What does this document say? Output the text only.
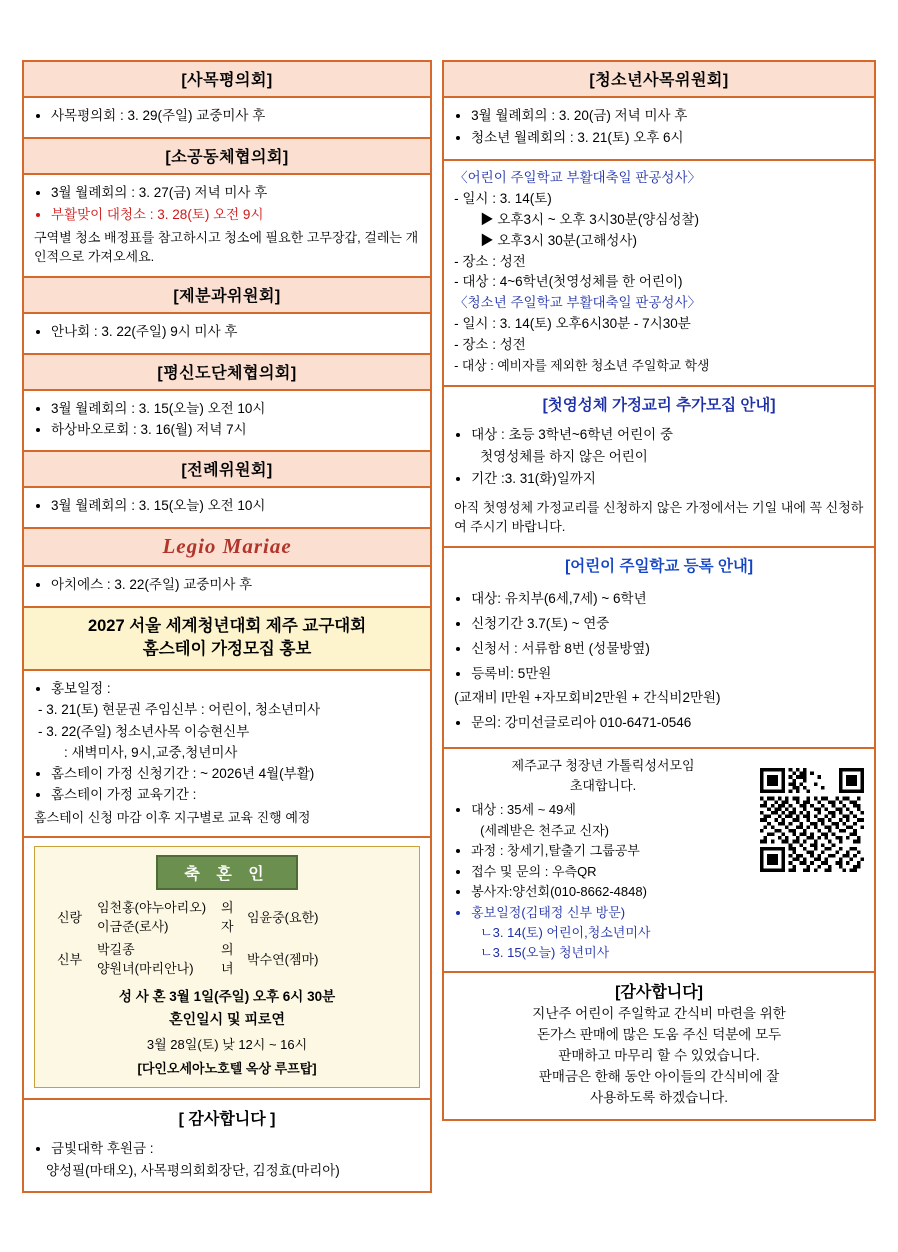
[사목평의회]
• 사목평의회 : 3. 29(주일) 교중미사 후
[소공동체협의회]
• 3월 월례회의 : 3. 27(금) 저녁 미사 후
• 부활맞이 대청소 : 3. 28(토) 오전 9시
구역별 청소 배정표를 참고하시고 청소에 필요한 고무장갑, 걸레는 개인적으로 가져오세요.
[제분과위원회]
• 안나회 : 3. 22(주일) 9시 미사 후
[평신도단체협의회]
• 3월 월례회의 : 3. 15(오늘) 오전 10시
• 하상바오로회 : 3. 16(월) 저녁 7시
[전례위원회]
• 3월 월례회의 : 3. 15(오늘) 오전 10시
Legio Mariae
• 아치에스 : 3. 22(주일) 교중미사 후
2027 서울 세계청년대회 제주 교구대회
홈스테이 가정모집 홍보
• 홍보일정 :
- 3. 21(토) 현문권 주임신부 : 어린이, 청소년미사
- 3. 22(주일) 청소년사목 이승현신부
: 새벽미사, 9시,교중,청년미사
• 홈스테이 가정 신청기간 : ~ 2026년 4월(부활)
• 홈스테이 가정 교육기간 :
홈스테이 신청 마감 이후 지구별로 교육 진행 예정
축 혼 인
신랑
임천홍(야누아리오) 의
임윤중(요한)
이금준(로사)	자
신부
박길종	의
박수연(젬마)
양원녀(마리안나) 녀
성 사 혼 3월 1일(주일) 오후 6시 30분
혼인일시 및 피로연
3월 28일(토) 낮 12시 ~ 16시
[다인오세아노호텔 옥상 루프탑]
[ 감사합니다 ]
• 금빛대학 후원금 :
양성필(마태오), 사목평의회회장단, 김정효(마리아)
[청소년사목위원회]
• 3월 월례회의 : 3. 20(금) 저녁 미사 후
• 청소년 월례회의 : 3. 21(토) 오후 6시
〈어린이 주일학교 부활대축일 판공성사〉
- 일시 : 3. 14(토)
▶ 오후3시 ~ 오후 3시30분(양심성찰)
▶ 오후3시 30분(고해성사)
- 장소 : 성전
- 대상 : 4~6학년(첫영성체를 한 어린이)
〈청소년 주일학교 부활대축일 판공성사〉
- 일시 : 3. 14(토) 오후6시30분 - 7시30분
- 장소 : 성전
- 대상 : 예비자를 제외한 청소년 주일학교 학생
[첫영성체 가정교리 추가모집 안내]
• 대상 : 초등 3학년~6학년 어린이 중
첫영성체를 하지 않은 어린이
• 기간 :3. 31(화)일까지
아직 첫영성체 가정교리를 신청하지 않은 가정에서는 기일 내에 꼭 신청하여 주시기 바랍니다.
[어린이 주일학교 등록 안내]
• 대상: 유치부(6세,7세) ~ 6학년
• 신청기간 3.7(토) ~ 연중
• 신청서 : 서류함 8번 (성물방옆)
• 등록비: 5만원
(교재비 l만원 +자모회비2만원 + 간식비2만원)
• 문의: 강미선글로리아 010-6471-0546
제주교구 청장년 가톨릭성서모임
초대합니다.
• 대상 : 35세 ~ 49세
(세례받은 천주교 신자)
• 과정 : 창세기,탈출기 그룹공부
• 접수 및 문의 : 우측QR
• 봉사자:양선회(010-8662-4848)
• 홍보일정(김태정 신부 방문)
ㄴ3. 14(토) 어린이,청소년미사
ㄴ3. 15(오늘) 청년미사
[감사합니다]
지난주 어린이 주일학교 간식비 마련을 위한
돈가스 판매에 많은 도움 주신 덕분에 모두
판매하고 마무리 할 수 있었습니다.
판매금은 한해 동안 아이들의 간식비에 잘
사용하도록 하겠습니다.
